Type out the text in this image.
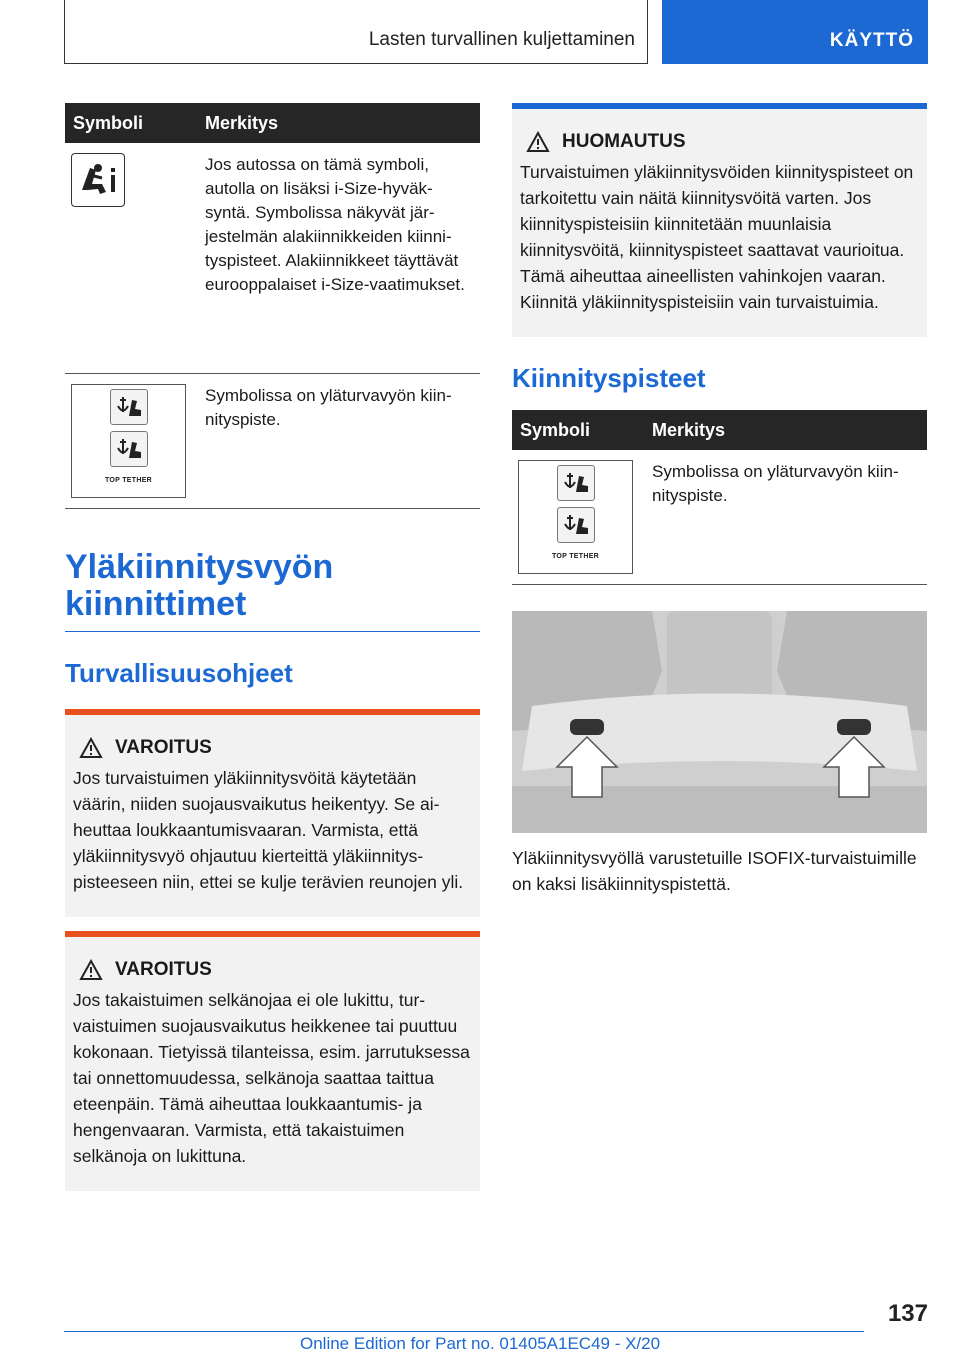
Lasten turvallinen kuljettaminen	KÄYTTÖ
Symboli	Merkitys

	Jos autossa on tämä symboli, autolla on lisäksi i-Size-hyväksyntä. Symbolissa näkyvät järjestelmän alakiinnikkeiden kiinnityspisteet. Alakiinnikkeet täyttävät eurooppalaiset i-Size-vaatimukset.

TOP TETHER	Symbolissa on yläturvavyön kiinnityspiste.
Yläkiinnitysvyön kiinnittimet
Turvallisuusohjeet
VAROITUS

Jos turvaistuimen yläkiinnitysvöitä käytetään väärin, niiden suojausvaikutus heikentyy. Se aiheuttaa loukkaantumisvaaran. Varmista, että yläkiinnitysvyö ohjautuu kierteittä yläkiinnityspisteeseen niin, ettei se kulje terävien reunojen yli.

VAROITUS

Jos takaistuimen selkänojaa ei ole lukittu, turvaistuimen suojausvaikutus heikkenee tai puuttuu kokonaan. Tietyissä tilanteissa, esim. jarrutuksessa tai onnettomuudessa, selkänoja saattaa taittua eteenpäin. Tämä aiheuttaa loukkaantumis- ja hengenvaaran. Varmista, että takaistuimen selkänoja on lukittuna.

HUOMAUTUS

Turvaistuimen yläkiinnitysvöiden kiinnityspisteet on tarkoitettu vain näitä kiinnitysvöitä varten. Jos kiinnityspisteisiin kiinnitetään muunlaisia kiinnitysvöitä, kiinnityspisteet saattavat vaurioitua. Tämä aiheuttaa aineellisten vahinkojen vaaran. Kiinnitä yläkiinnityspisteisiin vain turvaistuimia.

Kiinnityspisteet
Symboli	Merkitys

TOP TETHER	Symbolissa on yläturvavyön kiinnityspiste.
Yläkiinnitysvyöllä varustetuille ISOFIX-turvaistuimille on kaksi lisäkiinnityspistettä.
137
Online Edition for Part no. 01405A1EC49 - X/20
